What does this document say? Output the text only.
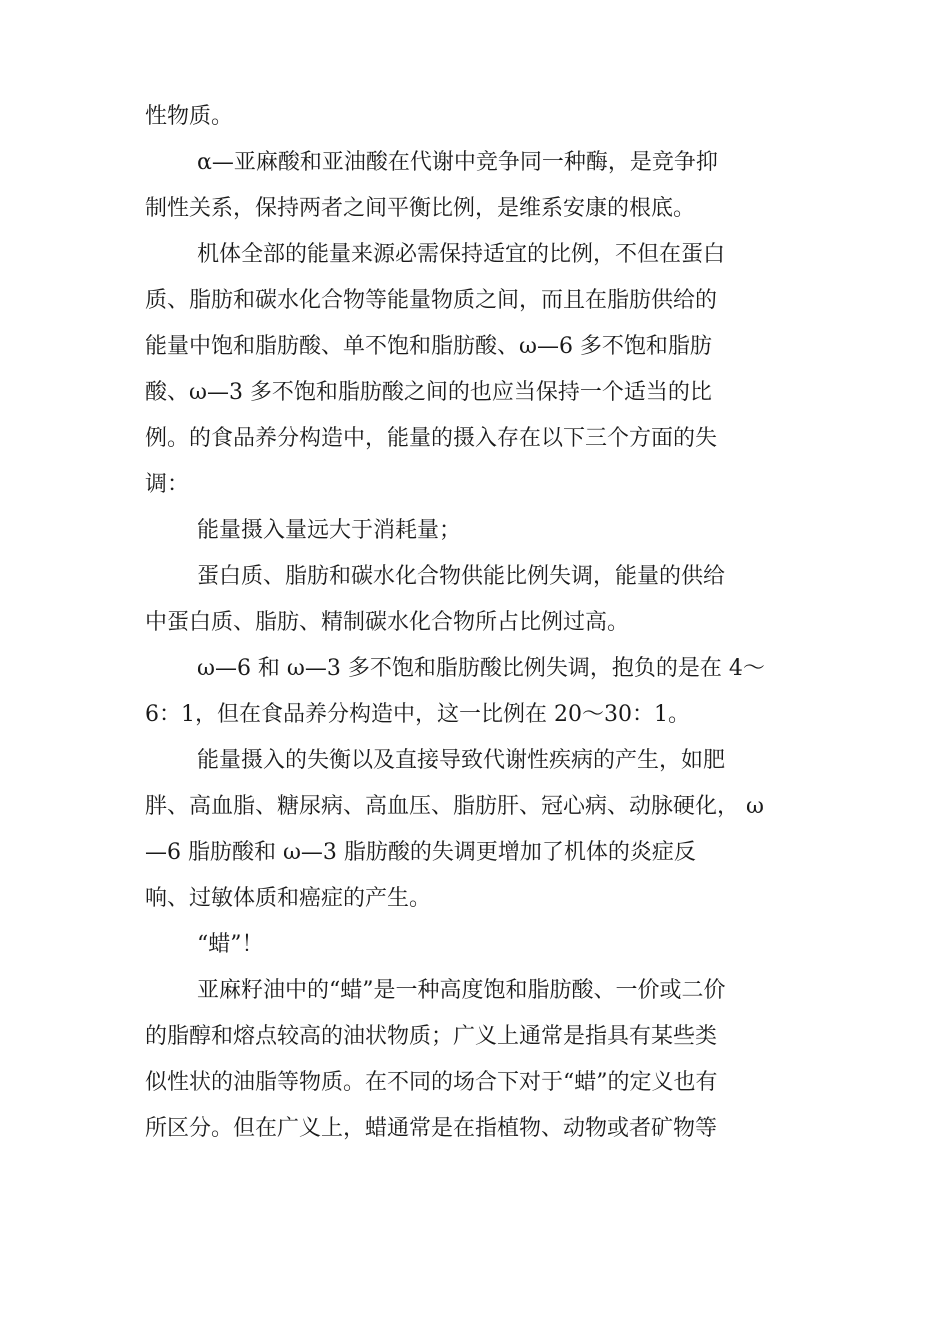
性物质。
α—亚麻酸和亚油酸在代谢中竞争同一种酶，是竞争抑
制性关系，保持两者之间平衡比例，是维系安康的根底。
机体全部的能量来源必需保持适宜的比例，不但在蛋白
质、脂肪和碳水化合物等能量物质之间，而且在脂肪供给的
能量中饱和脂肪酸、单不饱和脂肪酸、ω—6 多不饱和脂肪
酸、ω—3 多不饱和脂肪酸之间的也应当保持一个适当的比
例。的食品养分构造中，能量的摄入存在以下三个方面的失
调：
能量摄入量远大于消耗量；
蛋白质、脂肪和碳水化合物供能比例失调，能量的供给
中蛋白质、脂肪、精制碳水化合物所占比例过高。
ω—6 和 ω—3 多不饱和脂肪酸比例失调，抱负的是在 4～
6：1，但在食品养分构造中，这一比例在 20～30：1。
能量摄入的失衡以及直接导致代谢性疾病的产生，如肥
胖、高血脂、糖尿病、高血压、脂肪肝、冠心病、动脉硬化， ω
—6 脂肪酸和 ω—3 脂肪酸的失调更增加了机体的炎症反
响、过敏体质和癌症的产生。
“蜡”！
亚麻籽油中的“蜡”是一种高度饱和脂肪酸、一价或二价
的脂醇和熔点较高的油状物质；广义上通常是指具有某些类
似性状的油脂等物质。在不同的场合下对于“蜡”的定义也有
所区分。但在广义上，蜡通常是在指植物、动物或者矿物等
